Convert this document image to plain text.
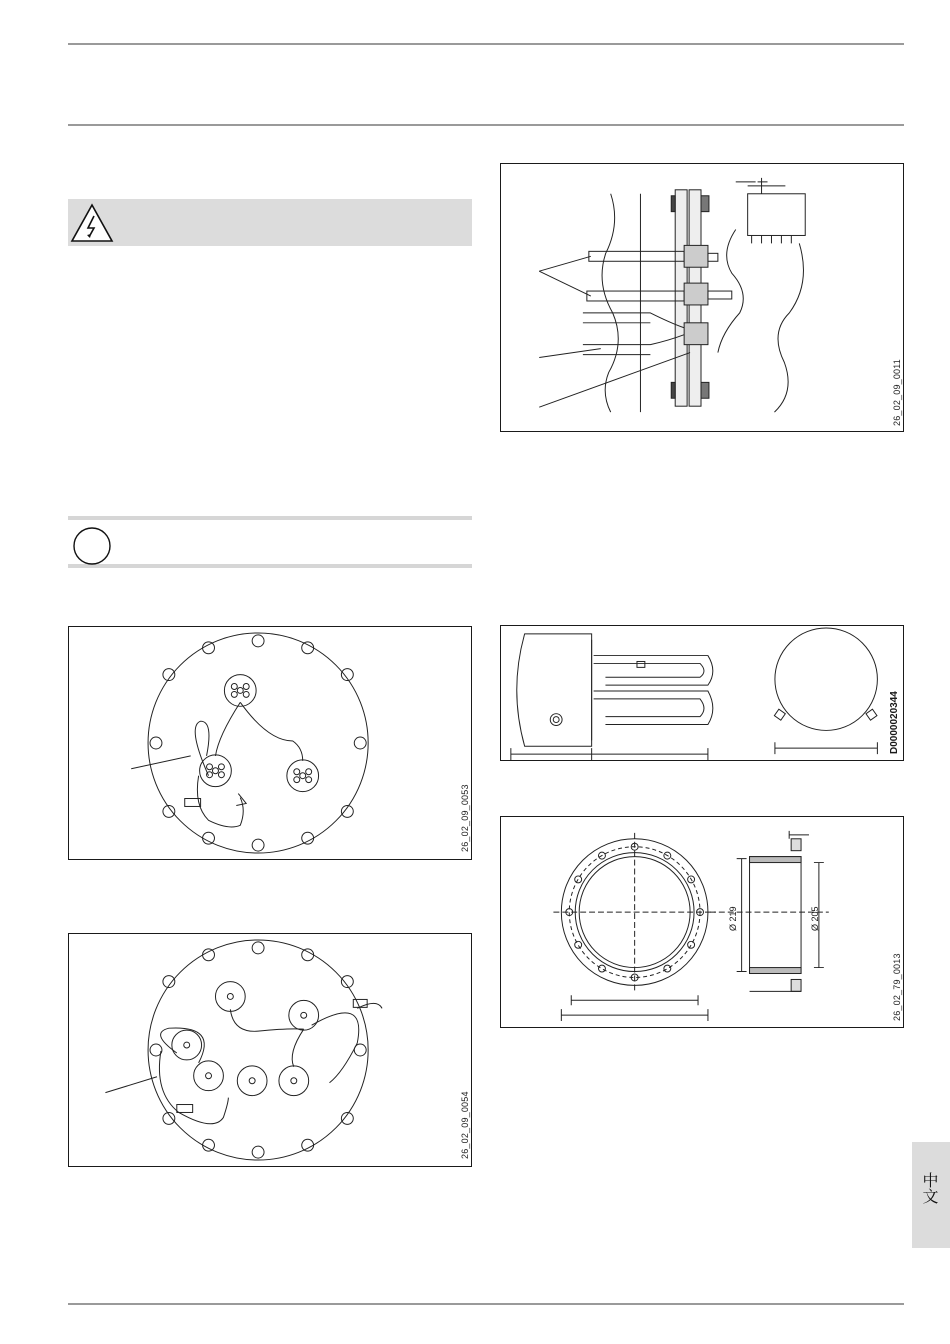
26_02_09_0011
26_02_09_0053
26_02_09_0054
D0000020344
Ø 219	Ø 205
26_02_79_0013
中文
